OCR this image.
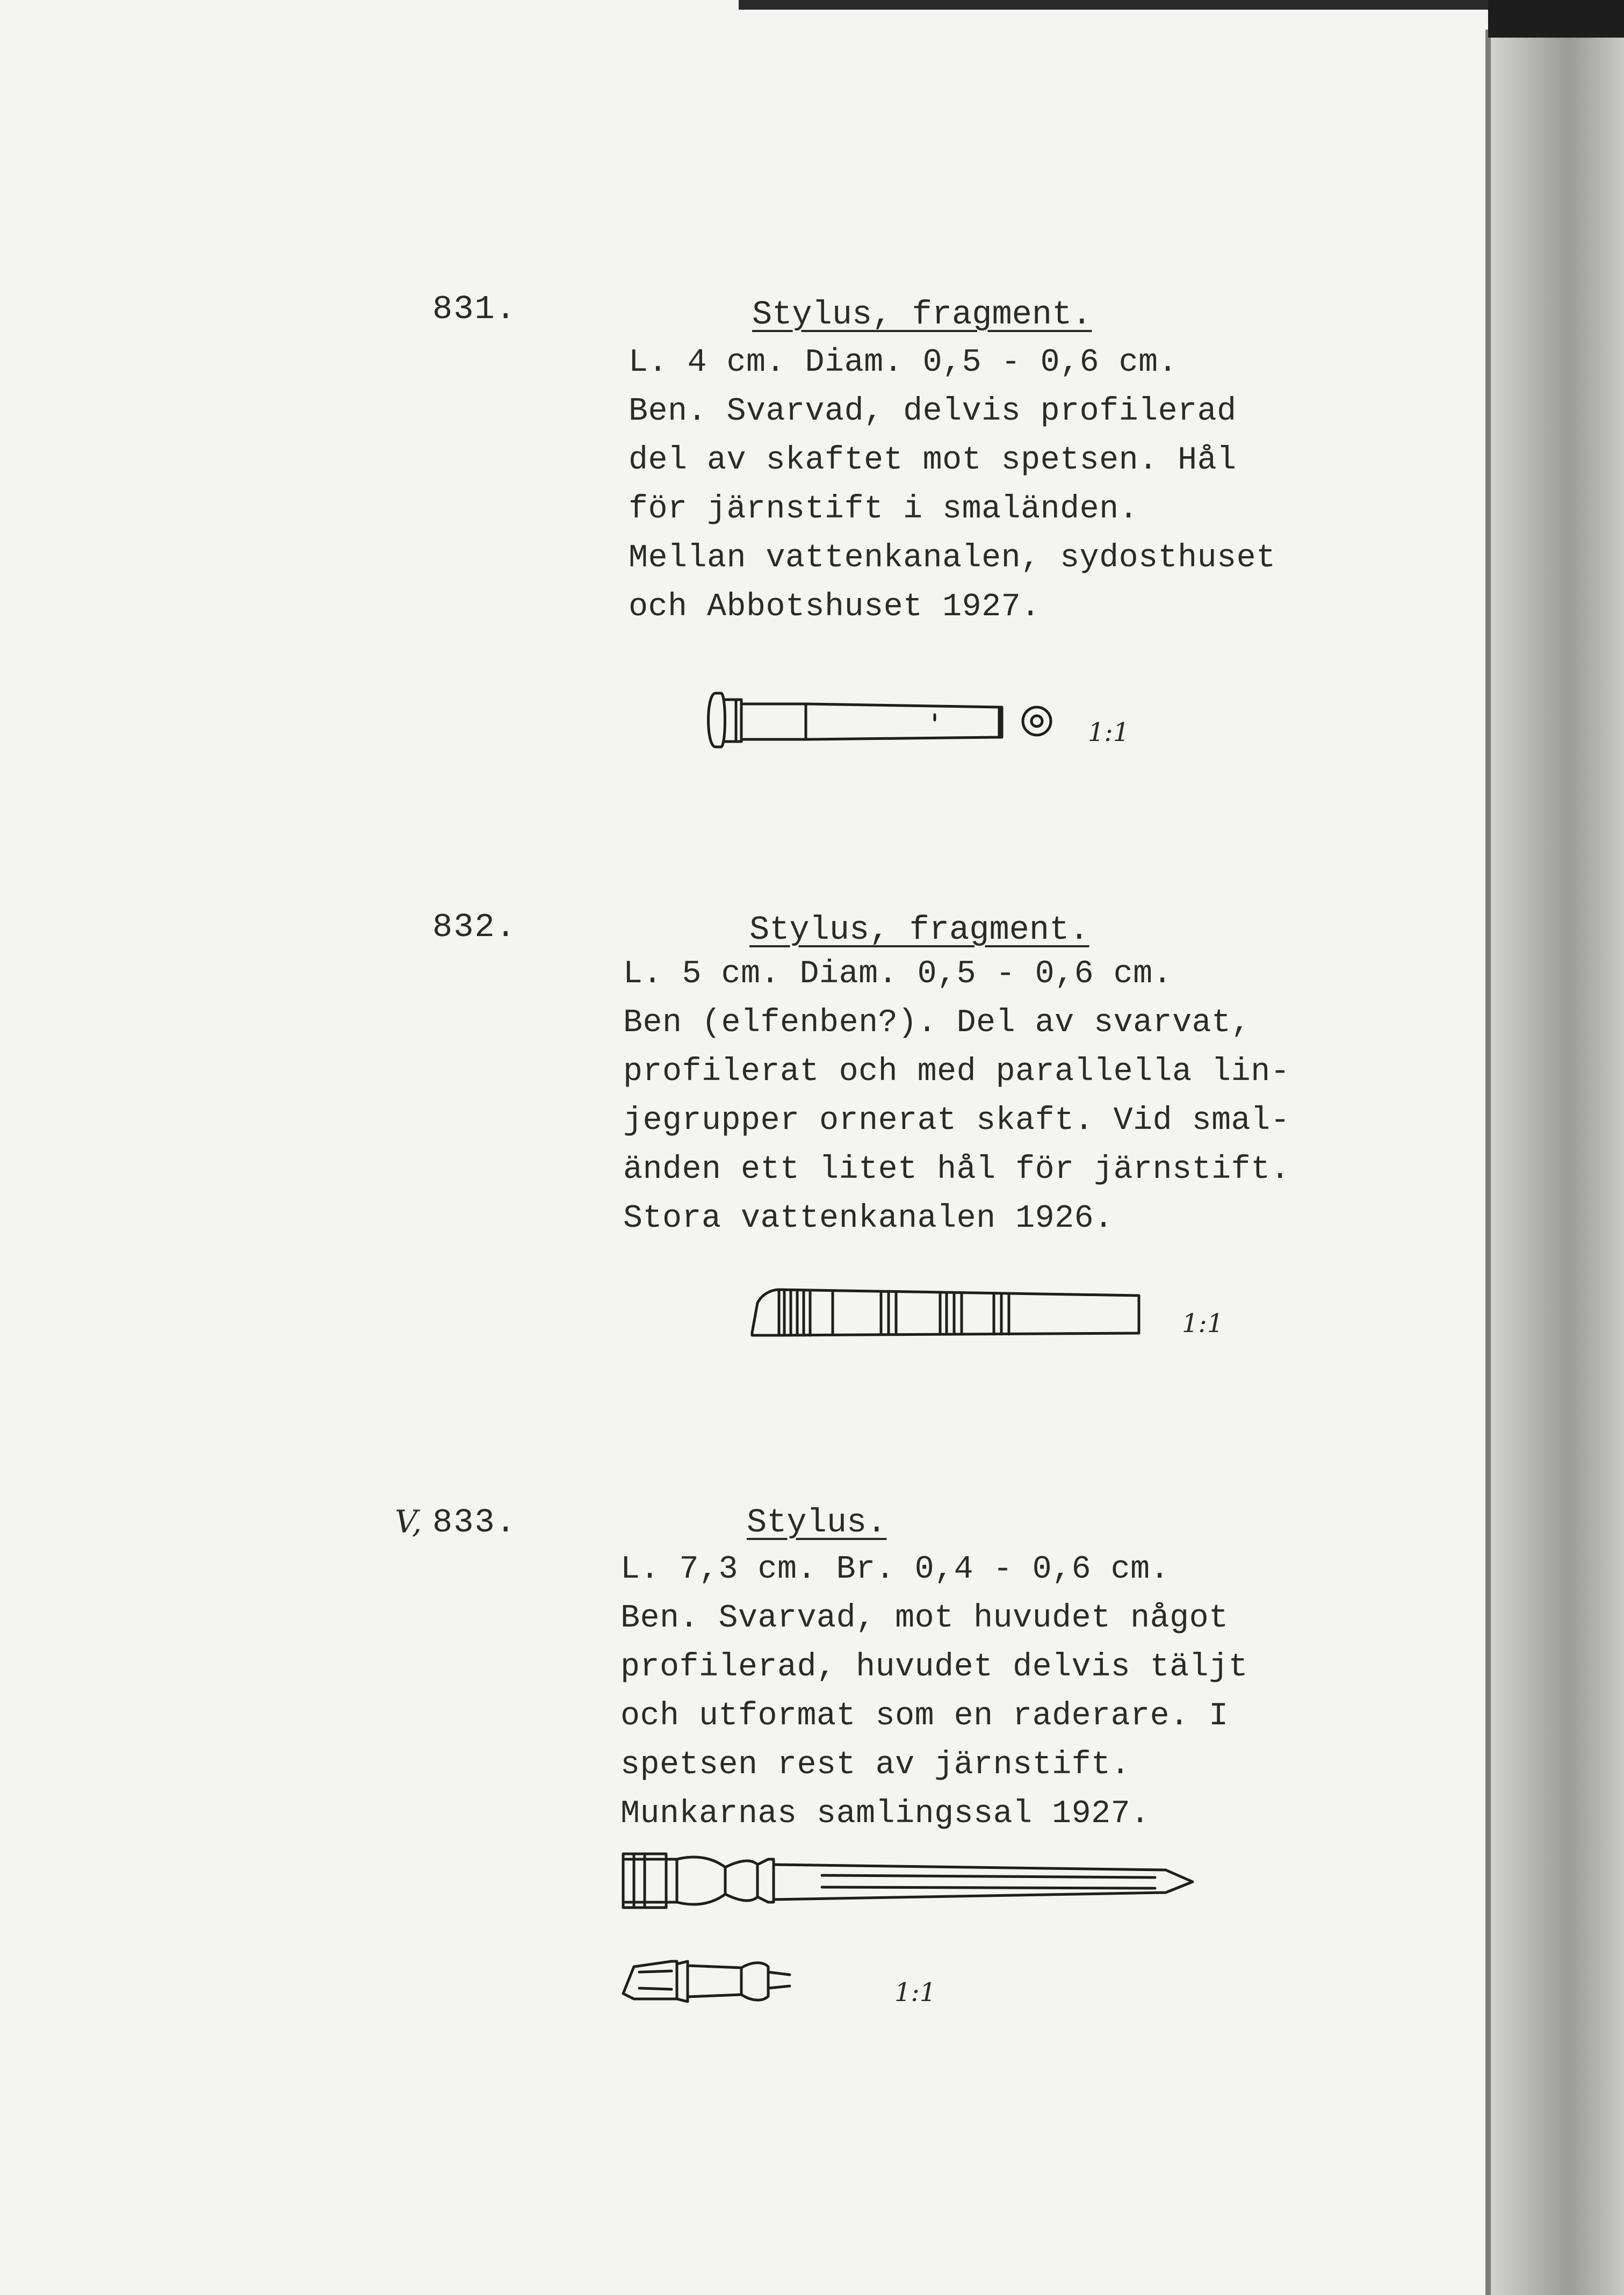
831.	Stylus, fragment.
L. 4 cm. Diam. 0,5 - 0,6 cm.
Ben. Svarvad, delvis profilerad
del av skaftet mot spetsen. Hål
för järnstift i smaländen.
Mellan vattenkanalen, sydosthuset
och Abbotshuset 1927.
1:1
832.	Stylus, fragment.
L. 5 cm. Diam. 0,5 - 0,6 cm.
Ben (elfenben?). Del av svarvat,
profilerat och med parallella lin-
jegrupper ornerat skaft. Vid smal-
änden ett litet hål för järnstift.
Stora vattenkanalen 1926.
1:1
V, 833.	Stylus.
L. 7,3 cm. Br. 0,4 - 0,6 cm.
Ben. Svarvad, mot huvudet något
profilerad, huvudet delvis täljt
och utformat som en raderare. I
spetsen rest av järnstift.
Munkarnas samlingssal 1927.
1:1
